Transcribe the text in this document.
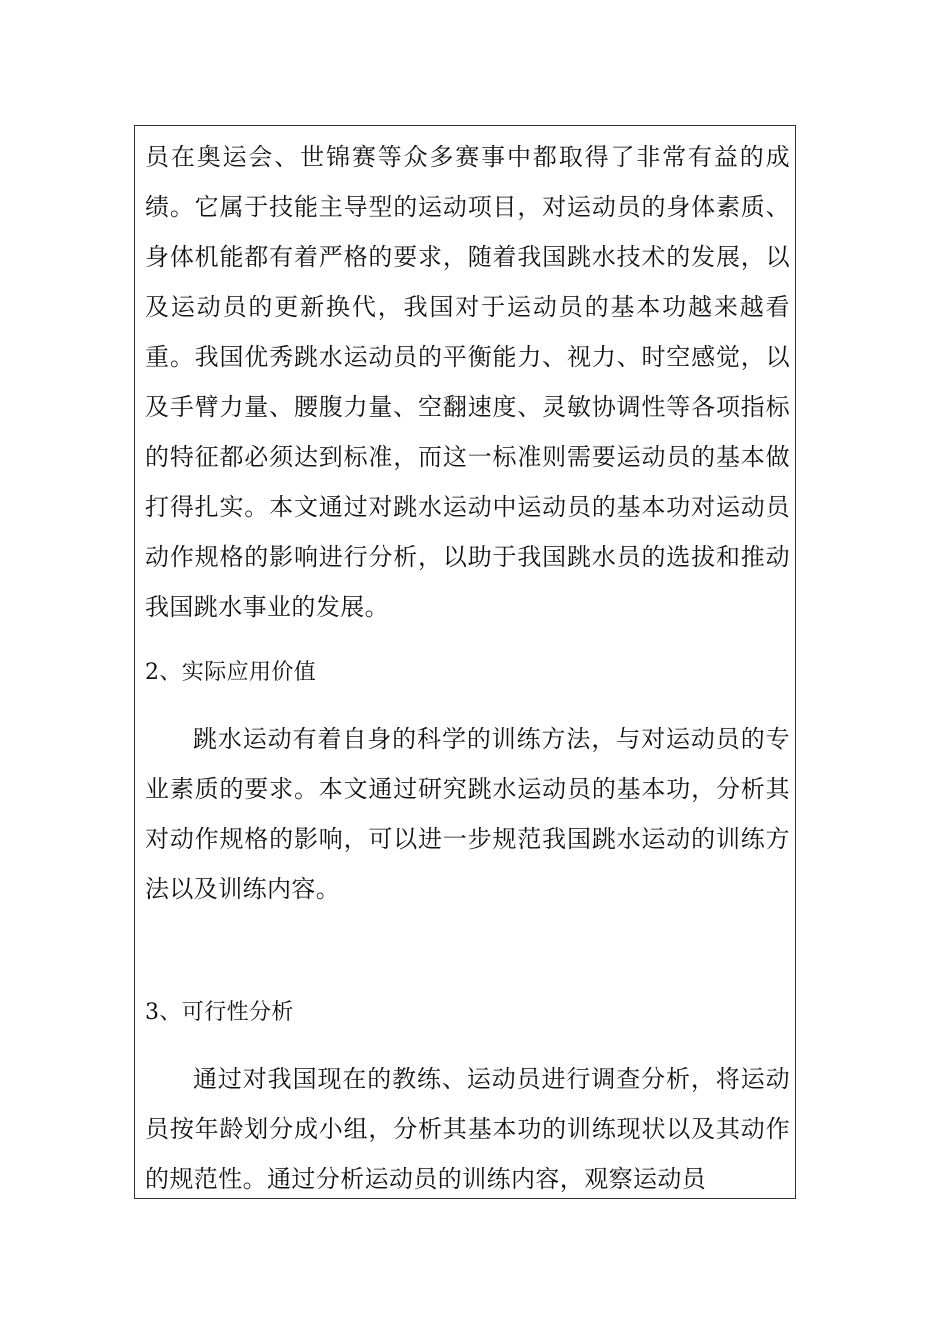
员在奥运会、世锦赛等众多赛事中都取得了非常有益的成绩。它属于技能主导型的运动项目，对运动员的身体素质、身体机能都有着严格的要求，随着我国跳水技术的发展，以及运动员的更新换代，我国对于运动员的基本功越来越看重。我国优秀跳水运动员的平衡能力、视力、时空感觉，以及手臂力量、腰腹力量、空翻速度、灵敏协调性等各项指标的特征都必须达到标准，而这一标准则需要运动员的基本做打得扎实。本文通过对跳水运动中运动员的基本功对运动员动作规格的影响进行分析，以助于我国跳水员的选拔和推动我国跳水事业的发展。

2、实际应用价值

跳水运动有着自身的科学的训练方法，与对运动员的专业素质的要求。本文通过研究跳水运动员的基本功，分析其对动作规格的影响，可以进一步规范我国跳水运动的训练方法以及训练内容。

3、可行性分析

通过对我国现在的教练、运动员进行调查分析，将运动员按年龄划分成小组，分析其基本功的训练现状以及其动作的规范性。通过分析运动员的训练内容，观察运动员
